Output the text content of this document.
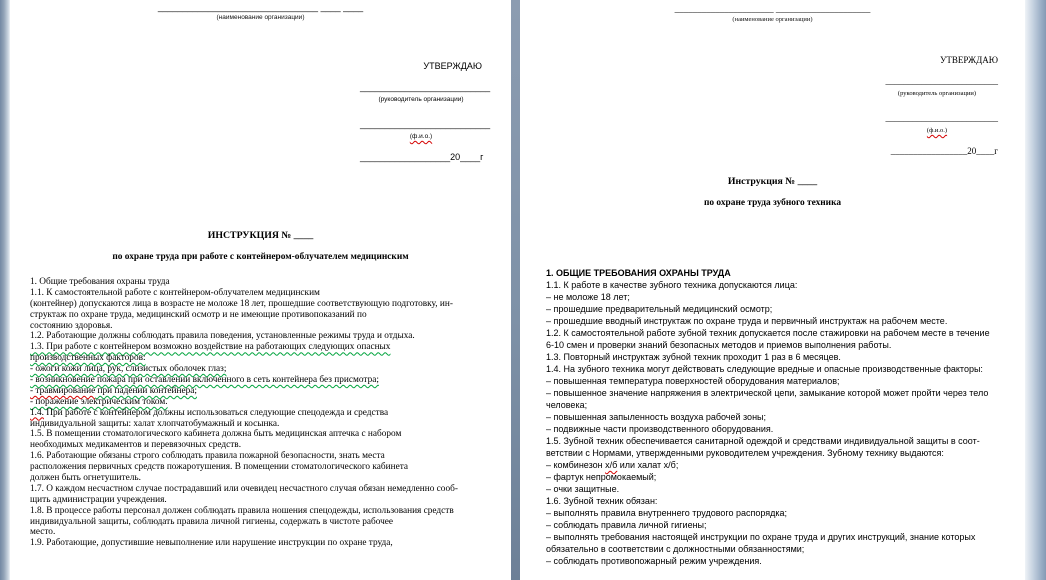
________________________________ ____ ____
(наименование организации)
УТВЕРЖДАЮ
__________________________
(руководитель организации)
__________________________
(ф.и.о.)
__________________20____г
ИНСТРУКЦИЯ № ____
по охране труда при работе с контейнером-облучателем медицинским
1. Общие требования охраны труда
1.1. К самостоятельной работе с контейнером-облучателем медицинским
(контейнер) допускаются лица в возрасте не моложе 18 лет, прошедшие соответствующую подготовку, ин-
структаж по охране труда, медицинский осмотр и не имеющие противопоказаний по
состоянию здоровья.
1.2. Работающие должны соблюдать правила поведения, установленные режимы труда и отдыха.
1.3. При работе с контейнером возможно воздействие на работающих следующих опасных
производственных факторов:
- ожоги кожи лица, рук, слизистых оболочек глаз;
- возникновение пожара при оставлении включенного в сеть контейнера без присмотра;
- травмирование при падении контейнера;
- поражение электрическим током.
1.4. При работе с контейнером должны использоваться следующие спецодежда и средства
индивидуальной защиты: халат хлопчатобумажный и косынка.
1.5. В помещении стоматологического кабинета должна быть медицинская аптечка с набором
необходимых медикаментов и перевязочных средств.
1.6. Работающие обязаны строго соблюдать правила пожарной безопасности, знать места
расположения первичных средств пожаротушения. В помещении стоматологического кабинета
должен быть огнетушитель.
1.7. О каждом несчастном случае пострадавший или очевидец несчастного случая обязан немедленно сооб-
щить администрации учреждения.
1.8. В процессе работы персонал должен соблюдать правила ношения спецодежды, использования средств
индивидуальной защиты, соблюдать правила личной гигиены, содержать в чистоте рабочее
место.
1.9. Работающие, допустившие невыполнение или нарушение инструкции по охране труда,
______________________ _____________________
(наименование организации)
УТВЕРЖДАЮ
_________________________
(руководитель организации)
_________________________
(ф.и.о.)
_________________20____г
Инструкция № ____
по охране труда зубного техника
1. ОБЩИЕ ТРЕБОВАНИЯ ОХРАНЫ ТРУДА
1.1. К работе в качестве зубного техника допускаются лица:
– не моложе 18 лет;
– прошедшие предварительный медицинский осмотр;
– прошедшие вводный инструктаж по охране труда и первичный инструктаж на рабочем месте.
1.2. К самостоятельной работе зубной техник допускается после стажировки на рабочем месте в течение
6-10 смен и проверки знаний безопасных методов и приемов выполнения работы.
1.3. Повторный инструктаж зубной техник проходит 1 раз в 6 месяцев.
1.4. На зубного техника могут действовать следующие вредные и опасные производственные факторы:
– повышенная температура поверхностей оборудования материалов;
– повышенное значение напряжения в электрической цепи, замыкание которой может пройти через тело
человека;
– повышенная запыленность воздуха рабочей зоны;
– подвижные части производственного оборудования.
1.5. Зубной техник обеспечивается санитарной одеждой и средствами индивидуальной защиты в соот-
ветствии с Нормами, утвержденными руководителем учреждения. Зубному технику выдаются:
– комбинезон х/б или халат х/б;
– фартук непромокаемый;
– очки защитные.
1.6. Зубной техник обязан:
– выполнять правила внутреннего трудового распорядка;
– соблюдать правила личной гигиены;
– выполнять требования настоящей инструкции по охране труда и других инструкций, знание которых
обязательно в соответствии с должностными обязанностями;
– соблюдать противопожарный режим учреждения.
